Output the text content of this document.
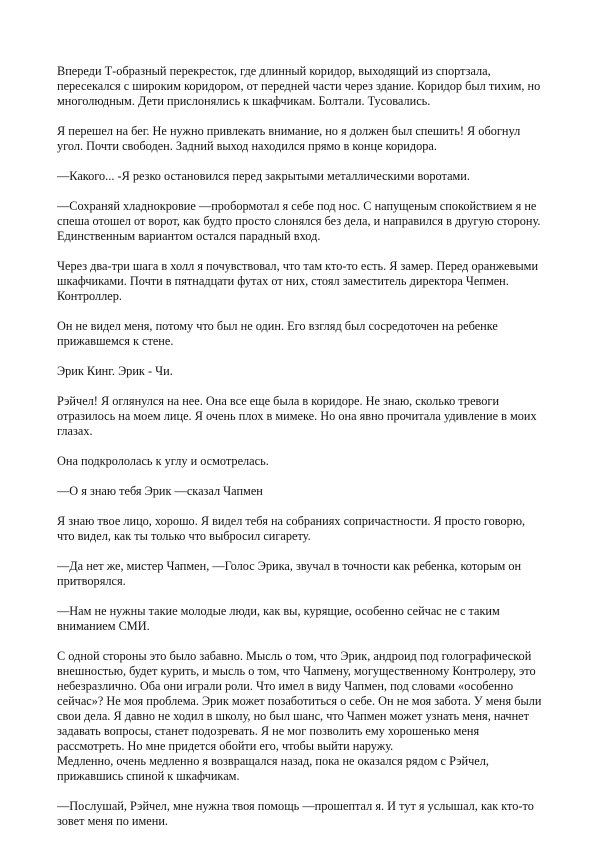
Впереди Т-образный перекресток, где длинный коридор, выходящий из спортзала, пересекался с широким коридором, от передней части через здание. Коридор был тихим, но многолюдным. Дети прислонялись к шкафчикам. Болтали. Тусовались.

Я перешел на бег. Не нужно привлекать внимание, но я должен был спешить! Я обогнул угол. Почти свободен. Задний выход находился прямо в конце коридора.

—Какого... -Я резко остановился перед закрытыми металлическими воротами.

—Сохраняй хладнокровие —пробормотал я себе под нос. С напущеным спокойствием я не спеша отошел от ворот, как будто просто слонялся без дела, и направился в другую сторону. Единственным вариантом остался парадный вход.

Через два-три шага в холл я почувствовал, что там кто-то есть. Я замер. Перед оранжевыми шкафчиками. Почти в пятнадцати футах от них, стоял заместитель директора Чепмен. Контроллер.

Он не видел меня, потому что был не один. Его взгляд был сосредоточен на ребенке прижавшемся к стене.

Эрик Кинг. Эрик - Чи.

Рэйчел! Я оглянулся на нее. Она все еще была в коридоре. Не знаю, сколько тревоги отразилось на моем лице. Я очень плох в мимеке. Но она явно прочитала удивление в моих глазах.

Она подкрололась к углу и осмотрелась.

—О я знаю тебя Эрик —сказал Чапмен

Я знаю твое лицо, хорошо. Я видел тебя на собраниях сопричастности. Я просто говорю, что видел, как ты только что выбросил сигарету.

—Да нет же, мистер Чапмен, —Голос Эрика, звучал в точности как ребенка, которым он притворялся.

—Нам не нужны такие молодые люди, как вы, курящие, особенно сейчас не с таким вниманием СМИ.

С одной стороны это было забавно. Мысль о том, что Эрик, андроид под голографической внешностью, будет курить, и мысль о том, что Чапмену, могущественному Контролеру, это небезразлично. Оба они играли роли. Что имел в виду Чапмен, под словами «особенно сейчас»? Не моя проблема. Эрик может позаботиться о себе. Он не моя забота. У меня были свои дела. Я давно не ходил в школу, но был шанс, что Чапмен может узнать меня, начнет задавать вопросы, станет подозревать. Я не мог позволить ему хорошенько меня рассмотреть. Но мне придется обойти его, чтобы выйти наружу.

Медленно, очень медленно я возвращался назад, пока не оказался рядом с Рэйчел, прижавшись спиной к шкафчикам.

—Послушай, Рэйчел, мне нужна твоя помощь —прошептал я. И тут я услышал, как кто-то зовет меня по имени.
